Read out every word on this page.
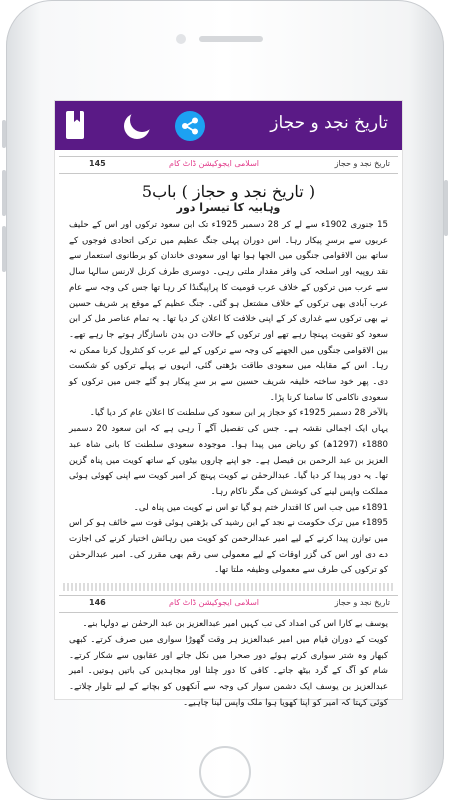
تاریخ نجد و حجاز
145	اسلامی ایجوکیشن ڈاٹ کام	تاریخ نجد و حجاز
( تاریخ نجد و حجاز ) باب5
وہابیہ کا تیسرا دور

15 جنوری 1902ء سے لے کر 28 دسمبر 1925ء تک ابن سعود ترکوں اور اس کے حلیف عربوں سے برسرِ پیکار رہا۔ اس دوران پہلی جنگ عظیم میں ترکی اتحادی فوجوں کے ساتھ بین الاقوامی جنگوں میں الجھا ہوا تھا اور سعودی خاندان کو برطانوی استعمار سے نقد روپیہ اور اسلحہ کی وافر مقدار ملتی رہی۔ دوسری طرف کرنل لارنس سالہا سال سے عرب میں ترکوں کے خلاف عرب قومیت کا پراپیگنڈا کر رہا تھا جس کی وجہ سے عام عرب آبادی بھی ترکوں کے خلاف مشتعل ہو گئی۔ جنگ عظیم کے موقع پر شریف حسین نے بھی ترکوں سے غداری کر کے اپنی خلافت کا اعلان کر دیا تھا۔ یہ تمام عناصر مل کر ابن سعود کو تقویت پہنچا رہے تھے اور ترکوں کے حالات دن بدن ناسازگار ہوتے جا رہے تھے۔ بین الاقوامی جنگوں میں الجھنے کی وجہ سے ترکوں کے لیے عرب کو کنٹرول کرنا ممکن نہ رہا۔ اس کے مقابلہ میں سعودی طاقت بڑھتی گئی، انہوں نے پہلے ترکوں کو شکست دی۔ پھر خود ساختہ خلیفہ شریف حسین سے بر سرِ پیکار ہو گئے جس میں ترکوں کو سعودی ناکامی کا سامنا کرنا پڑا۔

بالآخر 28 دسمبر 1925ء کو حجاز پر ابن سعود کی سلطنت کا اعلان عام کر دیا گیا۔

یہاں ایک اجمالی نقشہ ہے۔ جس کی تفصیل آگے آ رہی ہے کہ ابن سعود 20 دسمبر 1880ء (1297ھ) کو ریاض میں پیدا ہوا۔ موجودہ سعودی سلطنت کا بانی شاہ عبد العزیز بن عبد الرحمن بن فیصل ہے۔ جو اپنے چاروں بیٹوں کے ساتھ کویت میں پناہ گزین تھا۔ یہ دور پیدا کر دیا گیا۔ عبدالرحمٰن نے کویت پہنچ کر امیر کویت سے اپنی کھوئی ہوئی مملکت واپس لینے کی کوشش کی مگر ناکام رہا۔

1891ء میں جب اس کا اقتدار ختم ہو گیا تو اس نے کویت میں پناہ لی۔

1895ء میں ترک حکومت نے نجد کے ابن رشید کی بڑھتی ہوئی قوت سے خائف ہو کر اس میں توازن پیدا کرنے کے لیے امیر عبدالرحمن کو کویت میں رہائش اختیار کرنے کی اجازت دے دی اور اس کی گزر اوقات کے لیے معمولی سی رقم بھی مقرر کی۔ امیر عبدالرحمٰن کو ترکوں کی طرف سے معمولی وظیفہ ملتا تھا۔

146	اسلامی ایجوکیشن ڈاٹ کام	تاریخ نجد و حجاز

یوسف بے کارا اس کی امداد کی تب کہیں امیر عبدالعزیز بن عبد الرحمٰن نے دولہا بنے۔

کویت کے دوران قیام میں امیر عبدالعزیز ہر وقت گھوڑا سواری میں صرف کرتے۔ کبھی کبھار وہ شتر سواری کرتے ہوئے دور صحرا میں نکل جاتے اور عقابوں سے شکار کرتے۔ شام کو آگ کے گرد بیٹھ جاتے۔ کافی کا دور چلتا اور مجاہدین کی باتیں ہوتیں۔ امیر عبدالعزیز بن یوسف ایک دشمن سوار کی وجہ سے آنکھوں کو بچانے کے لیے تلوار چلاتے۔ کوئی کہتا کہ امیر کو اپنا کھویا ہوا ملک واپس لینا چاہیے۔
